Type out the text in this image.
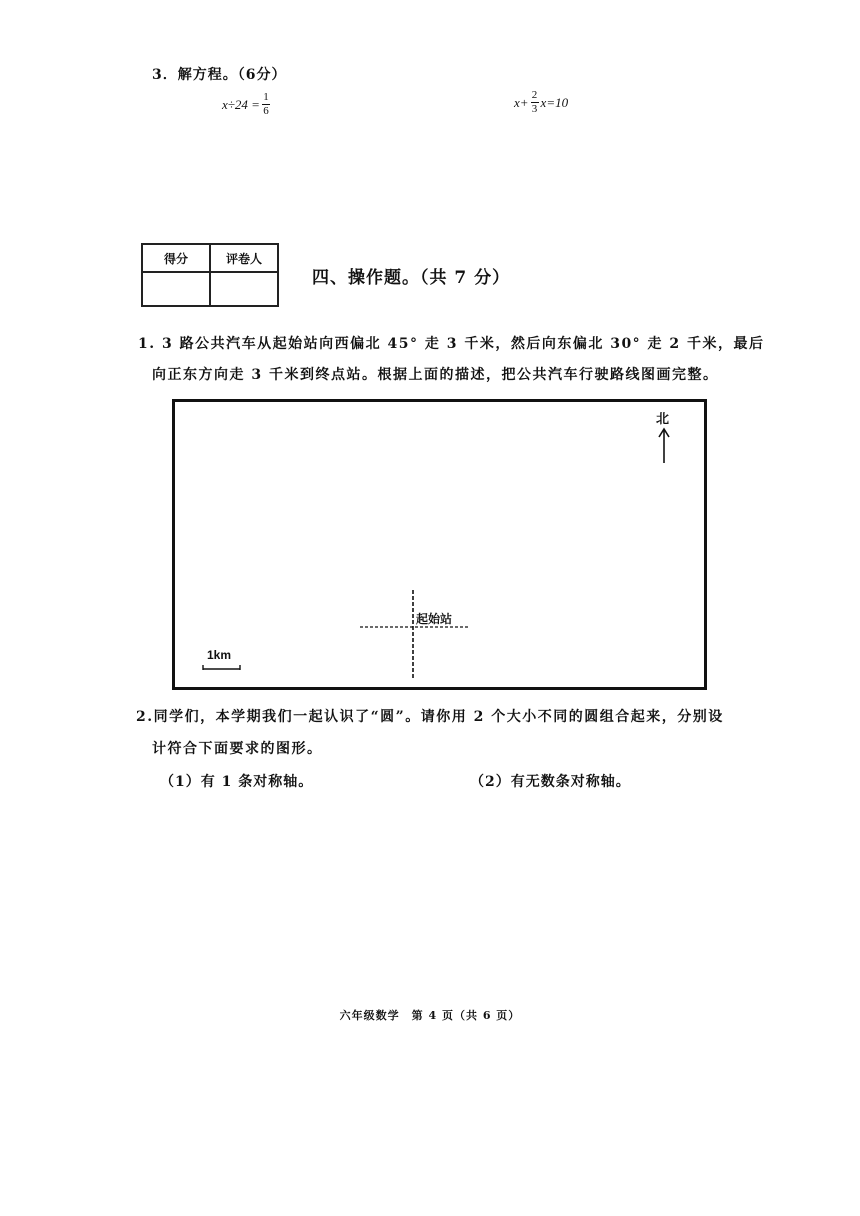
3．解方程。（6分）
$x\div 24 = \frac{1}{6}$	$x+ \frac{2}{3} x=10$
得分	评卷人

四、操作题。（共 7 分）
1. 3 路公共汽车从起始站向西偏北 45° 走 3 千米，然后向东偏北 30° 走 2 千米，最后
向正东方向走 3 千米到终点站。根据上面的描述，把公共汽车行驶路线图画完整。
北
起始站
1km
2.同学们，本学期我们一起认识了“圆”。请你用 2 个大小不同的圆组合起来，分别设
计符合下面要求的图形。
（1）有 1 条对称轴。	（2）有无数条对称轴。
六年级数学　第 4 页（共 6 页）
